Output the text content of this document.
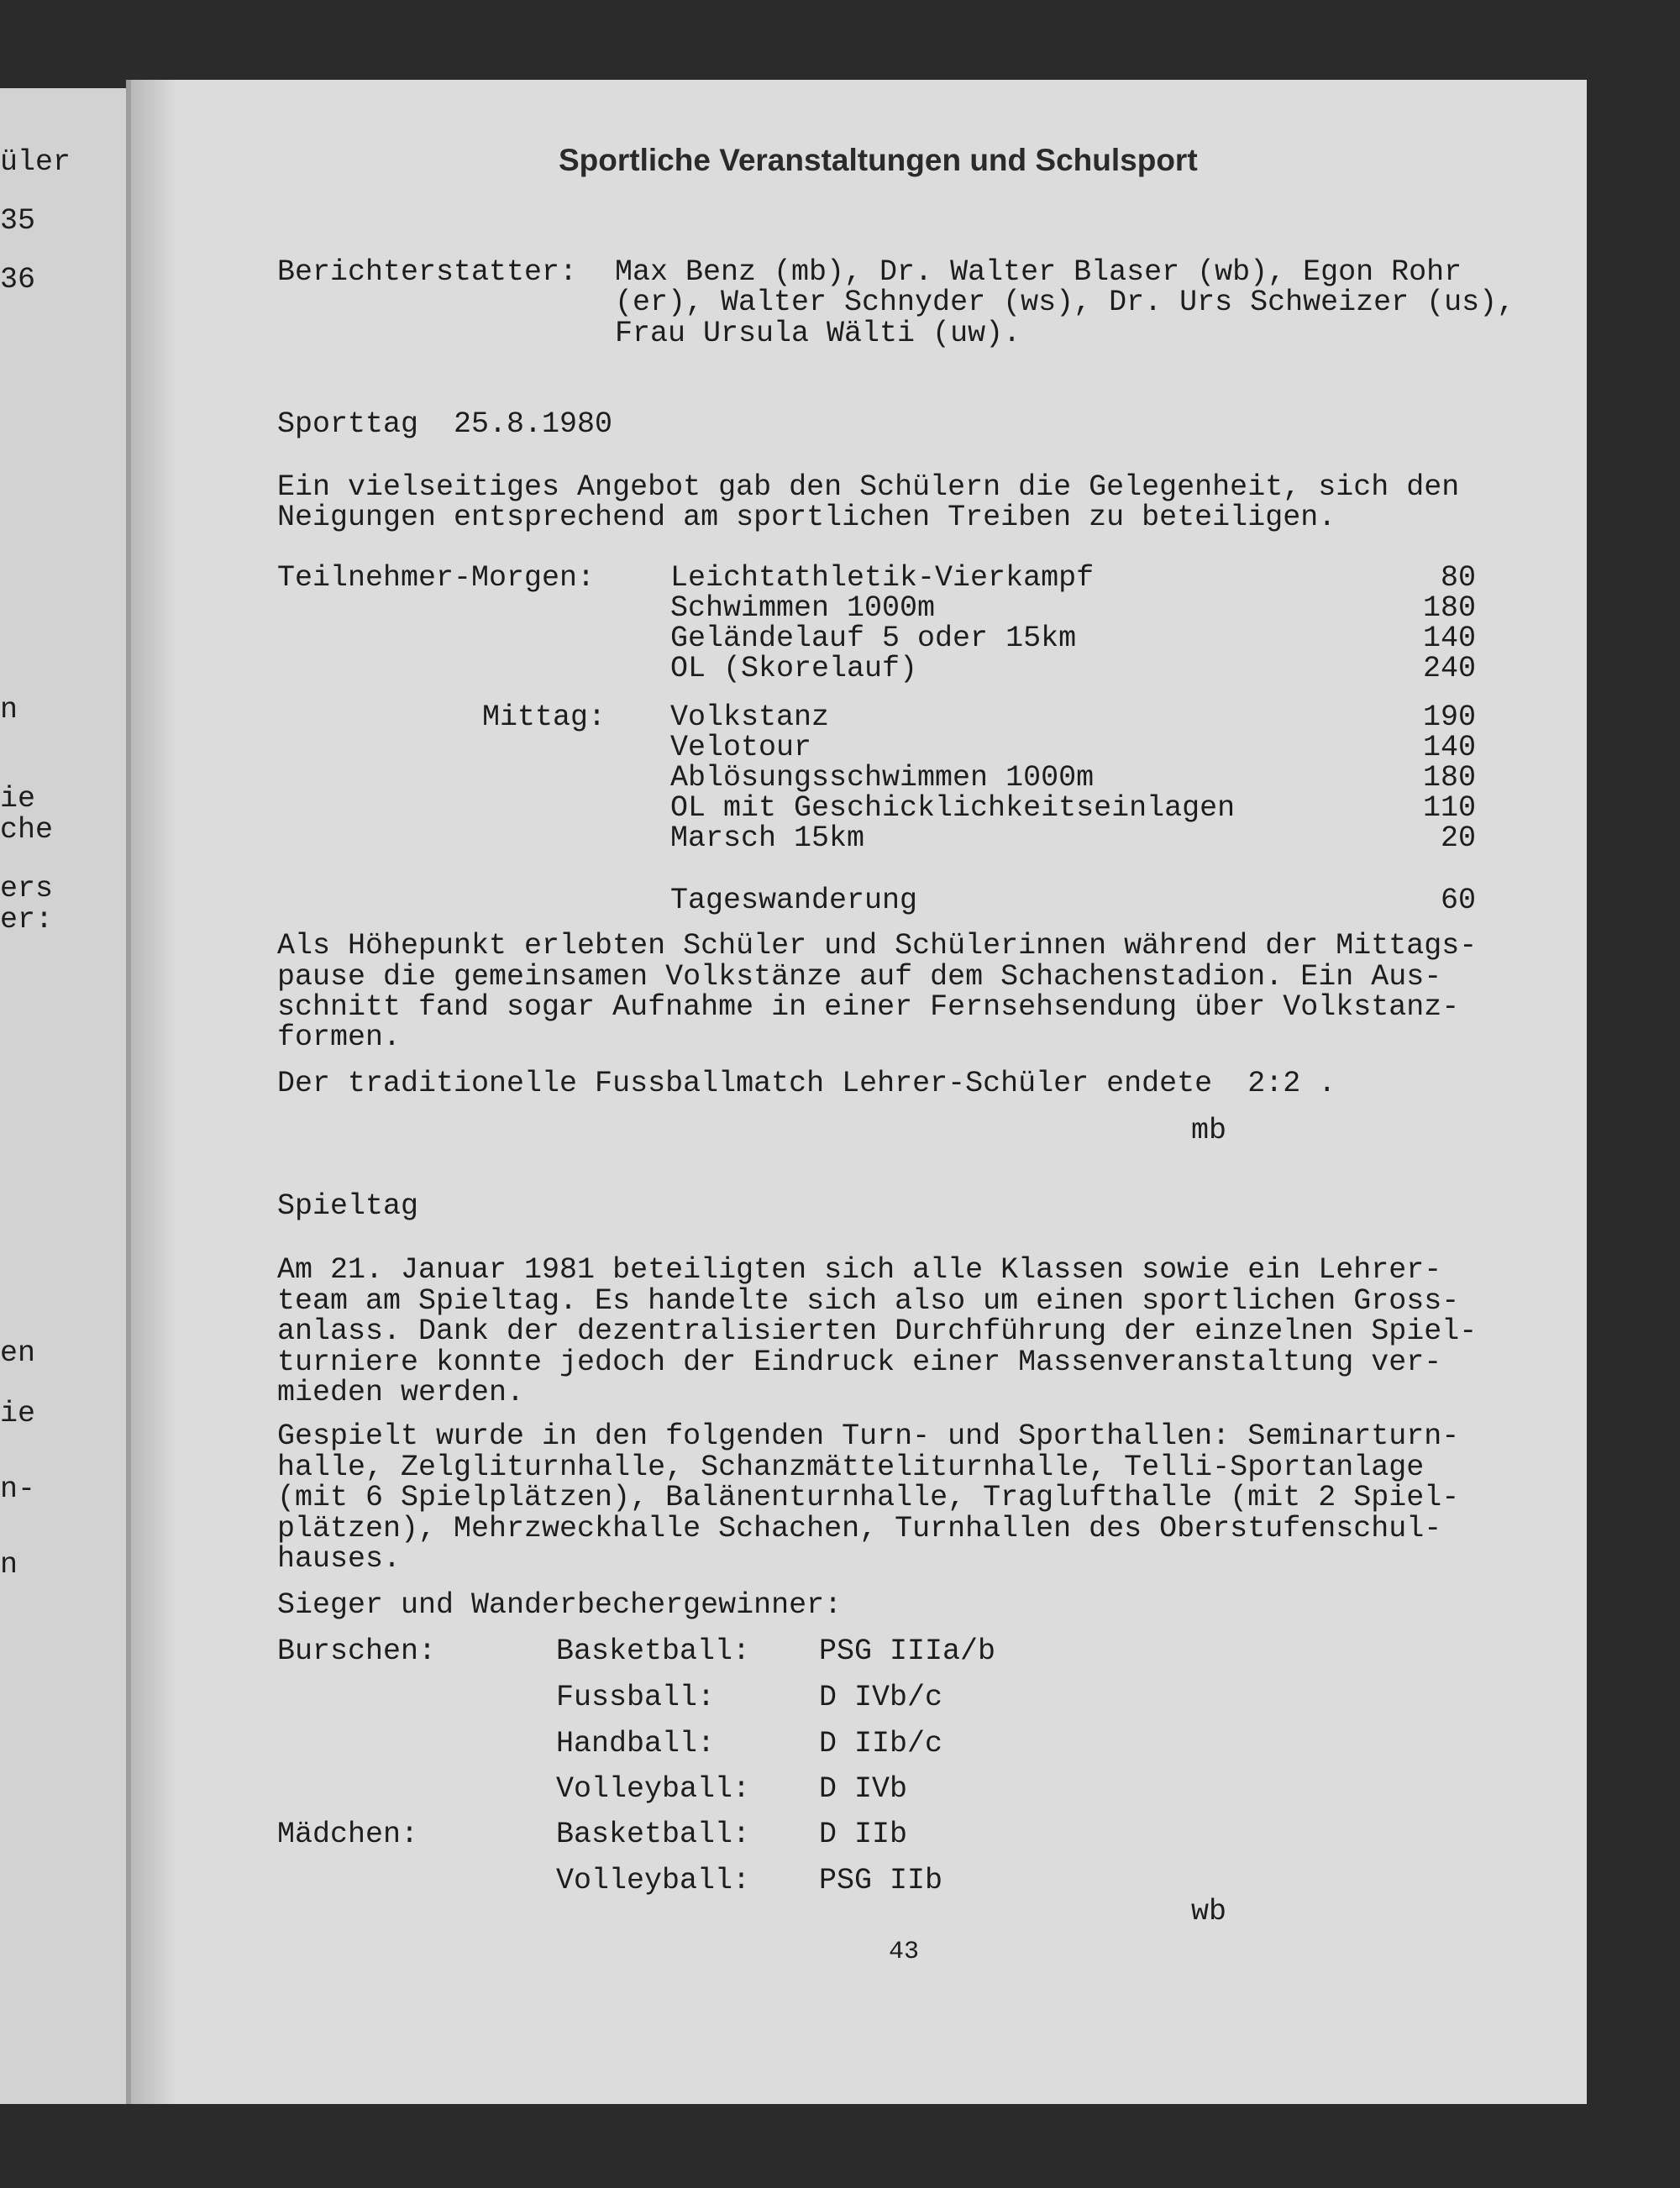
üler
35
36
n
ie
che
ers
er:
en
ie
n-
n
Sportliche Veranstaltungen und Schulsport
Berichterstatter: Max Benz (mb), Dr. Walter Blaser (wb), Egon Rohr
(er), Walter Schnyder (ws), Dr. Urs Schweizer (us),
Frau Ursula Wälti (uw).
Sporttag  25.8.1980
Ein vielseitiges Angebot gab den Schülern die Gelegenheit, sich den
Neigungen entsprechend am sportlichen Treiben zu beteiligen.
Teilnehmer-Morgen:	Leichtathletik-Vierkampf	80
Schwimmen 1000m	180
Geländelauf 5 oder 15km	140
OL (Skorelauf)	240
Mittag: Volkstanz	190
Velotour	140
Ablösungsschwimmen 1000m	180
OL mit Geschicklichkeitseinlagen	110
Marsch 15km	20
Tageswanderung	60
Als Höhepunkt erlebten Schüler und Schülerinnen während der Mittags-
pause die gemeinsamen Volkstänze auf dem Schachenstadion. Ein Aus-
schnitt fand sogar Aufnahme in einer Fernsehsendung über Volkstanz-
formen.
Der traditionelle Fussballmatch Lehrer-Schüler endete  2:2 .
mb
Spieltag
Am 21. Januar 1981 beteiligten sich alle Klassen sowie ein Lehrer-
team am Spieltag. Es handelte sich also um einen sportlichen Gross-
anlass. Dank der dezentralisierten Durchführung der einzelnen Spiel-
turniere konnte jedoch der Eindruck einer Massenveranstaltung ver-
mieden werden.
Gespielt wurde in den folgenden Turn- und Sporthallen: Seminarturn-
halle, Zelgliturnhalle, Schanzmätteliturnhalle, Telli-Sportanlage
(mit 6 Spielplätzen), Balänenturnhalle, Traglufthalle (mit 2 Spiel-
plätzen), Mehrzweckhalle Schachen, Turnhallen des Oberstufenschul-
hauses.
Sieger und Wanderbechergewinner:
Burschen:	Basketball: PSG IIIa/b
Fussball:	D IVb/c
Handball:	D IIb/c
Volleyball: D IVb
Mädchen:	Basketball: D IIb
Volleyball: PSG IIb
wb
43
